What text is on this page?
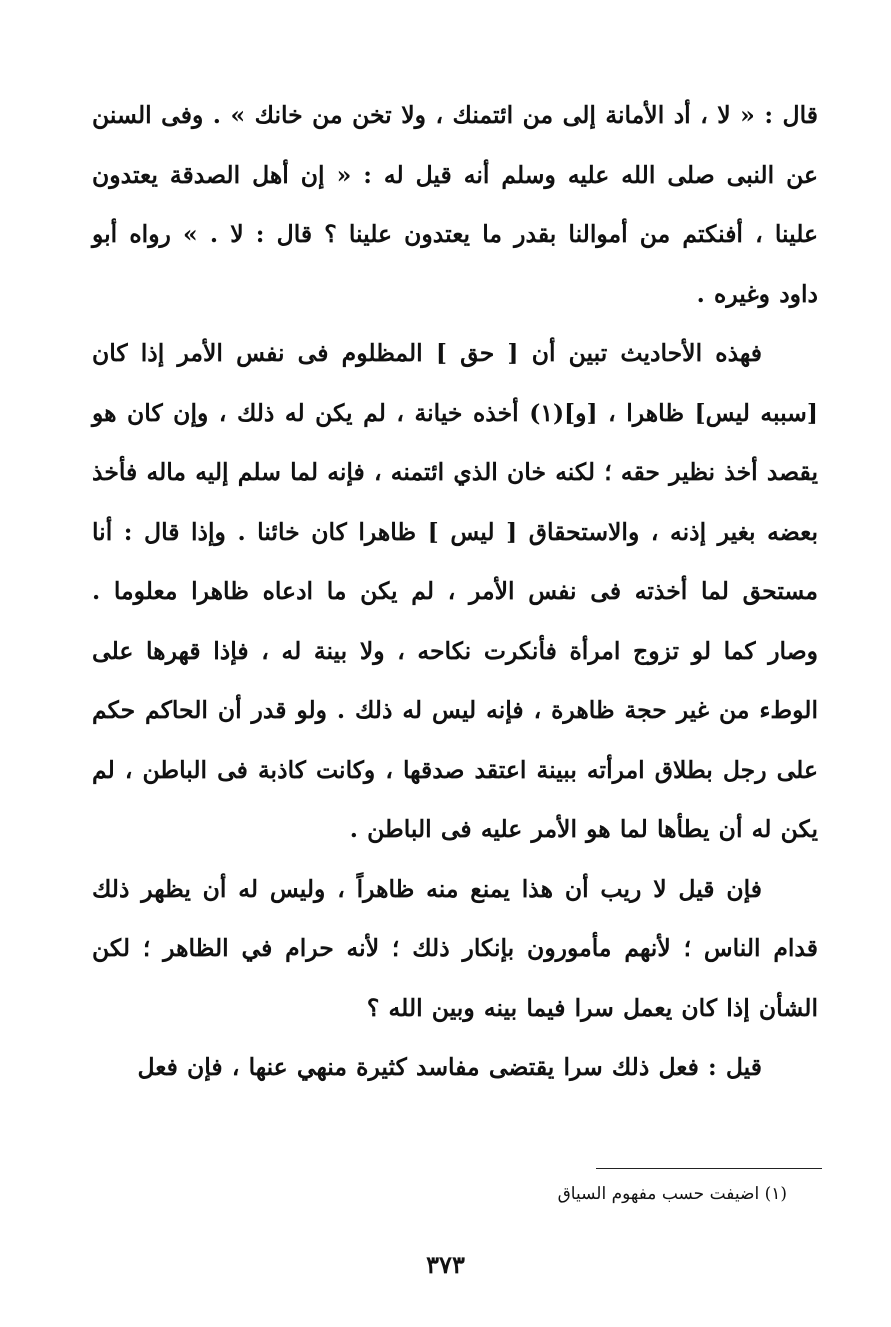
قال : « لا ، أد الأمانة إلى من ائتمنك ، ولا تخن من خانك » . وفى السنن عن النبى صلى الله عليه وسلم أنه قيل له : « إن أهل الصدقة يعتدون علينا ، أفنكتم من أموالنا بقدر ما يعتدون علينا ؟ قال : لا . » رواه أبو داود وغيره .

فهذه الأحاديث تبين أن [ حق ] المظلوم فى نفس الأمر إذا كان [سببه ليس] ظاهرا ، [و](١) أخذه خيانة ، لم يكن له ذلك ، وإن كان هو يقصد أخذ نظير حقه ؛ لكنه خان الذي ائتمنه ، فإنه لما سلم إليه ماله فأخذ بعضه بغير إذنه ، والاستحقاق [ ليس ] ظاهرا كان خائنا . وإذا قال : أنا مستحق لما أخذته فى نفس الأمر ، لم يكن ما ادعاه ظاهرا معلوما . وصار كما لو تزوج امرأة فأنكرت نكاحه ، ولا بينة له ، فإذا قهرها على الوطء من غير حجة ظاهرة ، فإنه ليس له ذلك . ولو قدر أن الحاكم حكم على رجل بطلاق امرأته ببينة اعتقد صدقها ، وكانت كاذبة فى الباطن ، لم يكن له أن يطأها لما هو الأمر عليه فى الباطن .

فإن قيل لا ريب أن هذا يمنع منه ظاهراً ، وليس له أن يظهر ذلك قدام الناس ؛ لأنهم مأمورون بإنكار ذلك ؛ لأنه حرام في الظاهر ؛ لكن الشأن إذا كان يعمل سرا فيما بينه وبين الله ؟

قيل : فعل ذلك سرا يقتضى مفاسد كثيرة منهي عنها ، فإن فعل

(١) اضيفت حسب مفهوم السياق
٣٧٣
